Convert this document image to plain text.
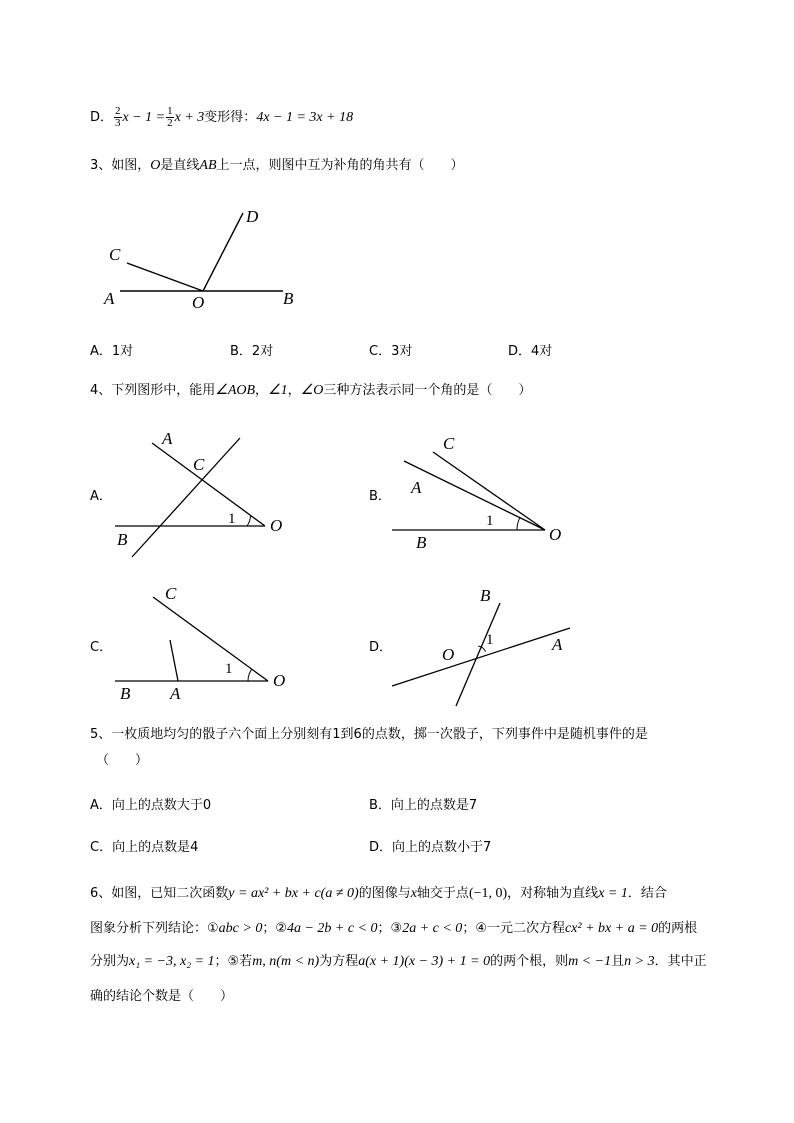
D． $\frac{2}{3}$ $x - 1 = \frac{1}{2}$ x + 3变形得：4x − 1 = 3x + 18
3、如图，O是直线AB上一点，则图中互为补角的角共有（　　）
A	B
C
D
O
A．1对	B．2对	C．3对	D．4对
4、下列图形中，能用∠AOB，∠1，∠O三种方法表示同一个角的是（　　）
A．	B．
C．	D．
A
C
1 O
B
C
A
1
O
B
C
1
O
B A
B
A
1
O
5、一枚质地均匀的骰子六个面上分别刻有1到6的点数，掷一次骰子，下列事件中是随机事件的是
（　　）
A．向上的点数大于0	B．向上的点数是7
C．向上的点数是4	D．向上的点数小于7
6、如图，已知二次函数y = ax² + bx + c(a ≠ 0)的图像与x轴交于点(−1, 0)，对称轴为直线x = 1．结合
图象分析下列结论：①abc > 0；②4a − 2b + c < 0；③2a + c < 0；④一元二次方程cx² + bx + a = 0的两根
分别为x₁ = −3, x₂ = 1；⑤若m, n(m < n)为方程a(x + 1)(x − 3) + 1 = 0的两个根，则m < −1且n > 3．其中正
确的结论个数是（　　）
